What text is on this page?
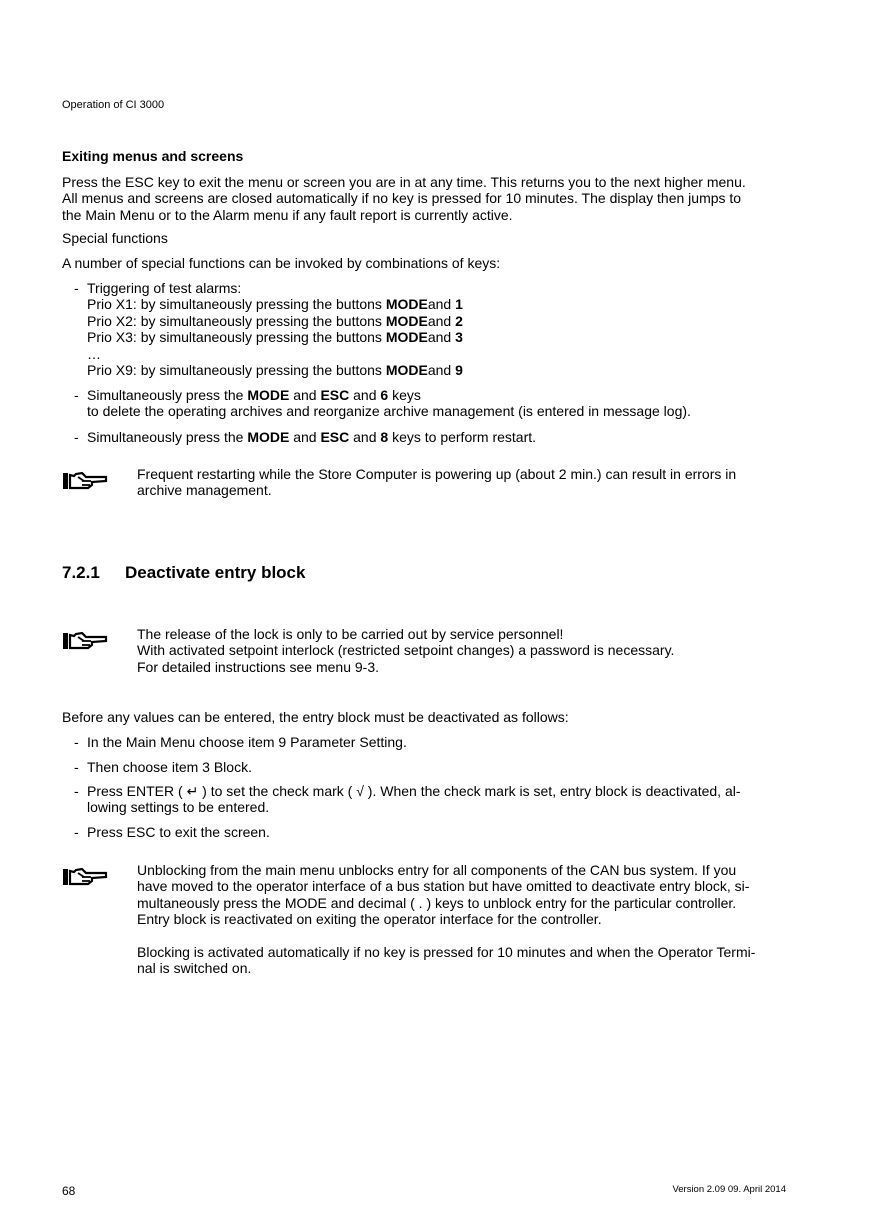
Operation of CI 3000
Exiting menus and screens
Press the ESC key to exit the menu or screen you are in at any time. This returns you to the next higher menu.
All menus and screens are closed automatically if no key is pressed for 10 minutes. The display then jumps to
the Main Menu or to the Alarm menu if any fault report is currently active.
Special functions
A number of special functions can be invoked by combinations of keys:
- Triggering of test alarms:
Prio X1: by simultaneously pressing the buttons MODEand 1
Prio X2: by simultaneously pressing the buttons MODEand 2
Prio X3: by simultaneously pressing the buttons MODEand 3
…
Prio X9: by simultaneously pressing the buttons MODEand 9
- Simultaneously press the MODE and ESC and 6 keys
to delete the operating archives and reorganize archive management (is entered in message log).
- Simultaneously press the MODE and ESC and 8 keys to perform restart.
Frequent restarting while the Store Computer is powering up (about 2 min.) can result in errors in
archive management.
7.2.1 Deactivate entry block
The release of the lock is only to be carried out by service personnel!
With activated setpoint interlock (restricted setpoint changes) a password is necessary.
For detailed instructions see menu 9-3.
Before any values can be entered, the entry block must be deactivated as follows:
- In the Main Menu choose item 9 Parameter Setting.
- Then choose item 3 Block.
- Press ENTER ( ↵ ) to set the check mark ( √ ). When the check mark is set, entry block is deactivated, al-
lowing settings to be entered.
- Press ESC to exit the screen.
Unblocking from the main menu unblocks entry for all components of the CAN bus system. If you
have moved to the operator interface of a bus station but have omitted to deactivate entry block, si-
multaneously press the MODE and decimal ( . ) keys to unblock entry for the particular controller.
Entry block is reactivated on exiting the operator interface for the controller.
Blocking is activated automatically if no key is pressed for 10 minutes and when the Operator Termi-
nal is switched on.
68	Version 2.09 09. April 2014
